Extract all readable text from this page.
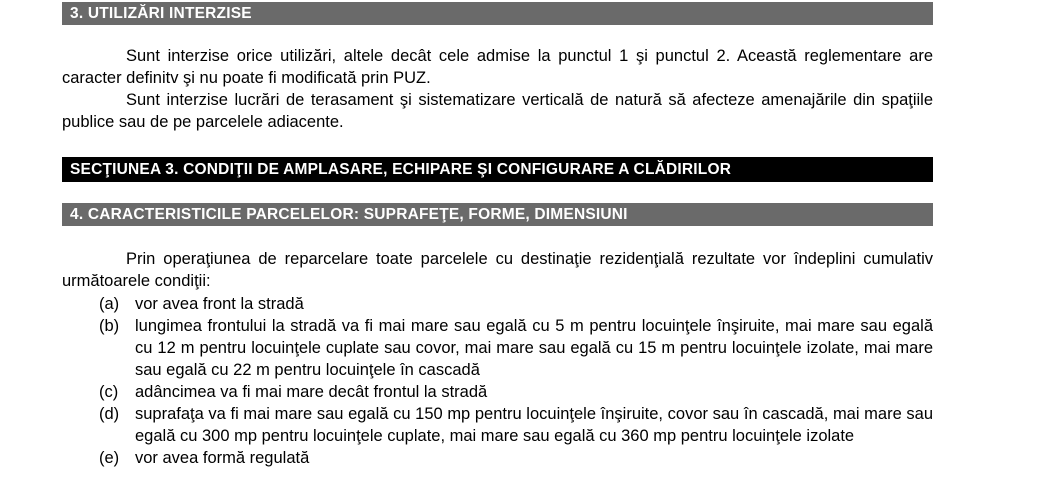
3. UTILIZĂRI INTERZISE

Sunt interzise orice utilizări, altele decât cele admise la punctul 1 şi punctul 2. Această reglementare are caracter definitv şi nu poate fi modificată prin PUZ.

Sunt interzise lucrări de terasament şi sistematizare verticală de natură să afecteze amenajările din spaţiile publice sau de pe parcelele adiacente.

SECŢIUNEA 3. CONDIŢII DE AMPLASARE, ECHIPARE ŞI CONFIGURARE A CLĂDIRILOR
4. CARACTERISTICILE PARCELELOR: SUPRAFEŢE, FORME, DIMENSIUNI

Prin operaţiunea de reparcelare toate parcelele cu destinaţie rezidenţială rezultate vor îndeplini cumulativ următoarele condiţii:

(a) vor avea front la stradă
(b) lungimea frontului la stradă va fi mai mare sau egală cu 5 m pentru locuinţele înşiruite, mai mare sau egală cu 12 m pentru locuinţele cuplate sau covor, mai mare sau egală cu 15 m pentru locuinţele izolate, mai mare sau egală cu 22 m pentru locuinţele în cascadă
(c) adâncimea va fi mai mare decât frontul la stradă
(d) suprafaţa va fi mai mare sau egală cu 150 mp pentru locuinţele înşiruite, covor sau în cascadă, mai mare sau egală cu 300 mp pentru locuinţele cuplate, mai mare sau egală cu 360 mp pentru locuinţele izolate
(e) vor avea formă regulată
